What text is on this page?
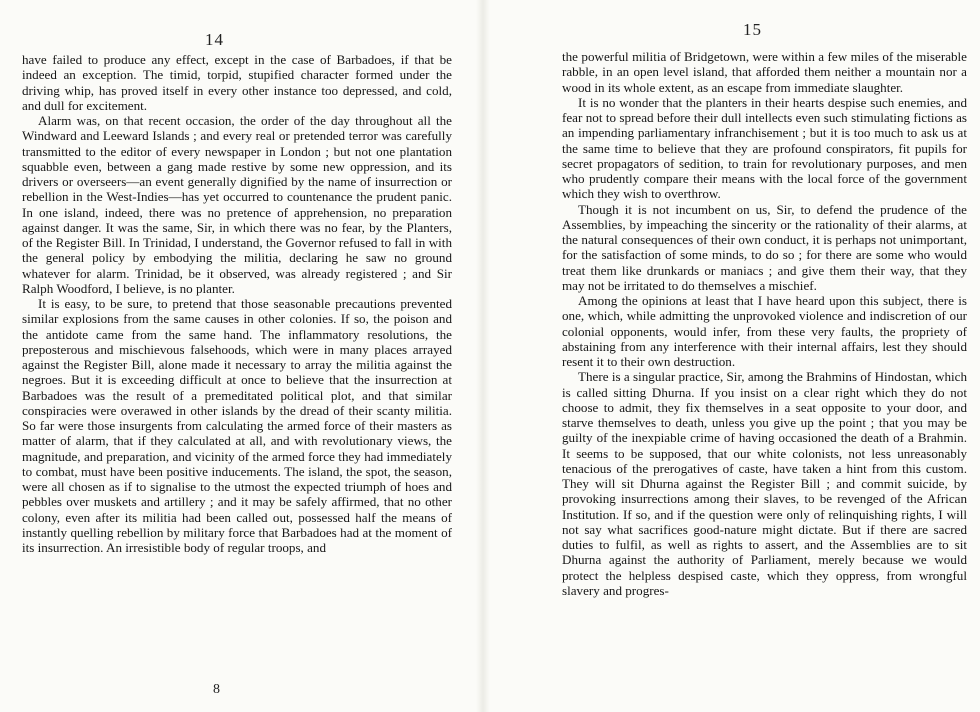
14

have failed to produce any effect, except in the case of Barbadoes, if that be indeed an exception. The timid, torpid, stupified character formed under the driving whip, has proved itself in every other instance too depressed, and cold, and dull for excitement.

Alarm was, on that recent occasion, the order of the day throughout all the Windward and Leeward Islands ; and every real or pretended terror was carefully transmitted to the editor of every newspaper in London ; but not one plantation squabble even, between a gang made restive by some new oppression, and its drivers or overseers—an event generally dignified by the name of insurrection or rebellion in the West-Indies—has yet occurred to countenance the prudent panic. In one island, indeed, there was no pretence of apprehension, no preparation against danger. It was the same, Sir, in which there was no fear, by the Planters, of the Register Bill. In Trinidad, I understand, the Governor refused to fall in with the general policy by embodying the militia, declaring he saw no ground whatever for alarm. Trinidad, be it observed, was already registered ; and Sir Ralph Woodford, I believe, is no planter.

It is easy, to be sure, to pretend that those seasonable precautions prevented similar explosions from the same causes in other colonies. If so, the poison and the antidote came from the same hand. The inflammatory resolutions, the preposterous and mischievous falsehoods, which were in many places arrayed against the Register Bill, alone made it necessary to array the militia against the negroes. But it is exceeding difficult at once to believe that the insurrection at Barbadoes was the result of a premeditated political plot, and that similar conspiracies were overawed in other islands by the dread of their scanty militia. So far were those insurgents from calculating the armed force of their masters as matter of alarm, that if they calculated at all, and with revolutionary views, the magnitude, and preparation, and vicinity of the armed force they had immediately to combat, must have been positive inducements. The island, the spot, the season, were all chosen as if to signalise to the utmost the expected triumph of hoes and pebbles over muskets and artillery ; and it may be safely affirmed, that no other colony, even after its militia had been called out, possessed half the means of instantly quelling rebellion by military force that Barbadoes had at the moment of its insurrection. An irresistible body of regular troops, and

8
15

the powerful militia of Bridgetown, were within a few miles of the miserable rabble, in an open level island, that afforded them neither a mountain nor a wood in its whole extent, as an escape from immediate slaughter.

It is no wonder that the planters in their hearts despise such enemies, and fear not to spread before their dull intellects even such stimulating fictions as an impending parliamentary infranchisement ; but it is too much to ask us at the same time to believe that they are profound conspirators, fit pupils for secret propagators of sedition, to train for revolutionary purposes, and men who prudently compare their means with the local force of the government which they wish to overthrow.

Though it is not incumbent on us, Sir, to defend the prudence of the Assemblies, by impeaching the sincerity or the rationality of their alarms, at the natural consequences of their own conduct, it is perhaps not unimportant, for the satisfaction of some minds, to do so ; for there are some who would treat them like drunkards or maniacs ; and give them their way, that they may not be irritated to do themselves a mischief.

Among the opinions at least that I have heard upon this subject, there is one, which, while admitting the unprovoked violence and indiscretion of our colonial opponents, would infer, from these very faults, the propriety of abstaining from any interference with their internal affairs, lest they should resent it to their own destruction.

There is a singular practice, Sir, among the Brahmins of Hindostan, which is called sitting Dhurna. If you insist on a clear right which they do not choose to admit, they fix themselves in a seat opposite to your door, and starve themselves to death, unless you give up the point ; that you may be guilty of the inexpiable crime of having occasioned the death of a Brahmin. It seems to be supposed, that our white colonists, not less unreasonably tenacious of the prerogatives of caste, have taken a hint from this custom. They will sit Dhurna against the Register Bill ; and commit suicide, by provoking insurrections among their slaves, to be revenged of the African Institution. If so, and if the question were only of relinquishing rights, I will not say what sacrifices good-nature might dictate. But if there are sacred duties to fulfil, as well as rights to assert, and the Assemblies are to sit Dhurna against the authority of Parliament, merely because we would protect the helpless despised caste, which they oppress, from wrongful slavery and progres-
